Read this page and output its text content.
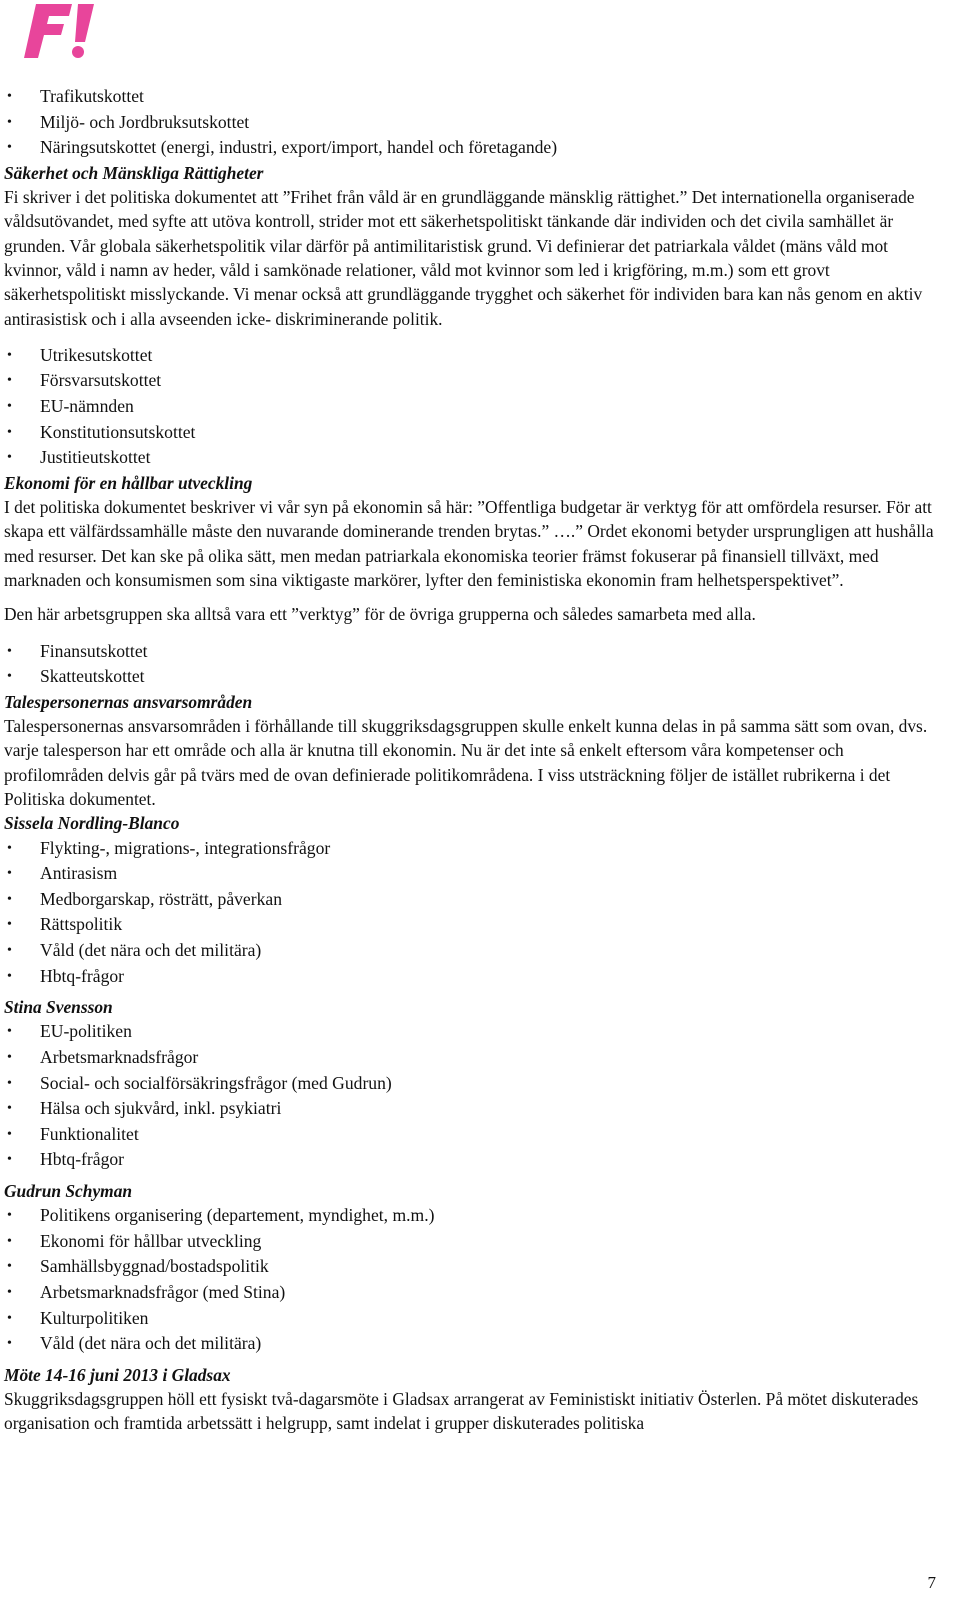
• Trafikutskottet
• Miljö- och Jordbruksutskottet
• Näringsutskottet (energi, industri, export/import, handel och företagande)

Säkerhet och Mänskliga Rättigheter

Fi skriver i det politiska dokumentet att ”Frihet från våld är en grundläggande mänsklig rättighet.” Det internationella organiserade våldsutövandet, med syfte att utöva kontroll, strider mot ett säkerhetspolitiskt tänkande där individen och det civila samhället är grunden. Vår globala säkerhetspolitik vilar därför på antimilitaristisk grund. Vi definierar det patriarkala våldet (mäns våld mot kvinnor, våld i namn av heder, våld i samkönade relationer, våld mot kvinnor som led i krigföring, m.m.) som ett grovt säkerhetspolitiskt misslyckande. Vi menar också att grundläggande trygghet och säkerhet för individen bara kan nås genom en aktiv antirasistisk och i alla avseenden icke- diskriminerande politik.

• Utrikesutskottet
• Försvarsutskottet
• EU-nämnden
• Konstitutionsutskottet
• Justitieutskottet

Ekonomi för en hållbar utveckling

I det politiska dokumentet beskriver vi vår syn på ekonomin så här: ”Offentliga budgetar är verktyg för att omfördela resurser. För att skapa ett välfärdssamhälle måste den nuvarande dominerande trenden brytas.” ….” Ordet ekonomi betyder ursprungligen att hushålla med resurser. Det kan ske på olika sätt, men medan patriarkala ekonomiska teorier främst fokuserar på finansiell tillväxt, med marknaden och konsumismen som sina viktigaste markörer, lyfter den feministiska ekonomin fram helhetsperspektivet”.

Den här arbetsgruppen ska alltså vara ett ”verktyg” för de övriga grupperna och således samarbeta med alla.

• Finansutskottet
• Skatteutskottet

Talespersonernas ansvarsområden

Talespersonernas ansvarsområden i förhållande till skuggriksdagsgruppen skulle enkelt kunna delas in på samma sätt som ovan, dvs. varje talesperson har ett område och alla är knutna till ekonomin. Nu är det inte så enkelt eftersom våra kompetenser och profilområden delvis går på tvärs med de ovan definierade politikområdena. I viss utsträckning följer de istället rubrikerna i det Politiska dokumentet.

Sissela Nordling-Blanco

• Flykting-, migrations-, integrationsfrågor
• Antirasism
• Medborgarskap, rösträtt, påverkan
• Rättspolitik
• Våld (det nära och det militära)
• Hbtq-frågor

Stina Svensson

• EU-politiken
• Arbetsmarknadsfrågor
• Social- och socialförsäkringsfrågor (med Gudrun)
• Hälsa och sjukvård, inkl. psykiatri
• Funktionalitet
• Hbtq-frågor

Gudrun Schyman

• Politikens organisering (departement, myndighet, m.m.)
• Ekonomi för hållbar utveckling
• Samhällsbyggnad/bostadspolitik
• Arbetsmarknadsfrågor (med Stina)
• Kulturpolitiken
• Våld (det nära och det militära)

Möte 14-16 juni 2013 i Gladsax

Skuggriksdagsgruppen höll ett fysiskt två-dagarsmöte i Gladsax arrangerat av Feministiskt initiativ Österlen. På mötet diskuterades organisation och framtida arbetssätt i helgrupp, samt indelat i grupper diskuterades politiska

7
